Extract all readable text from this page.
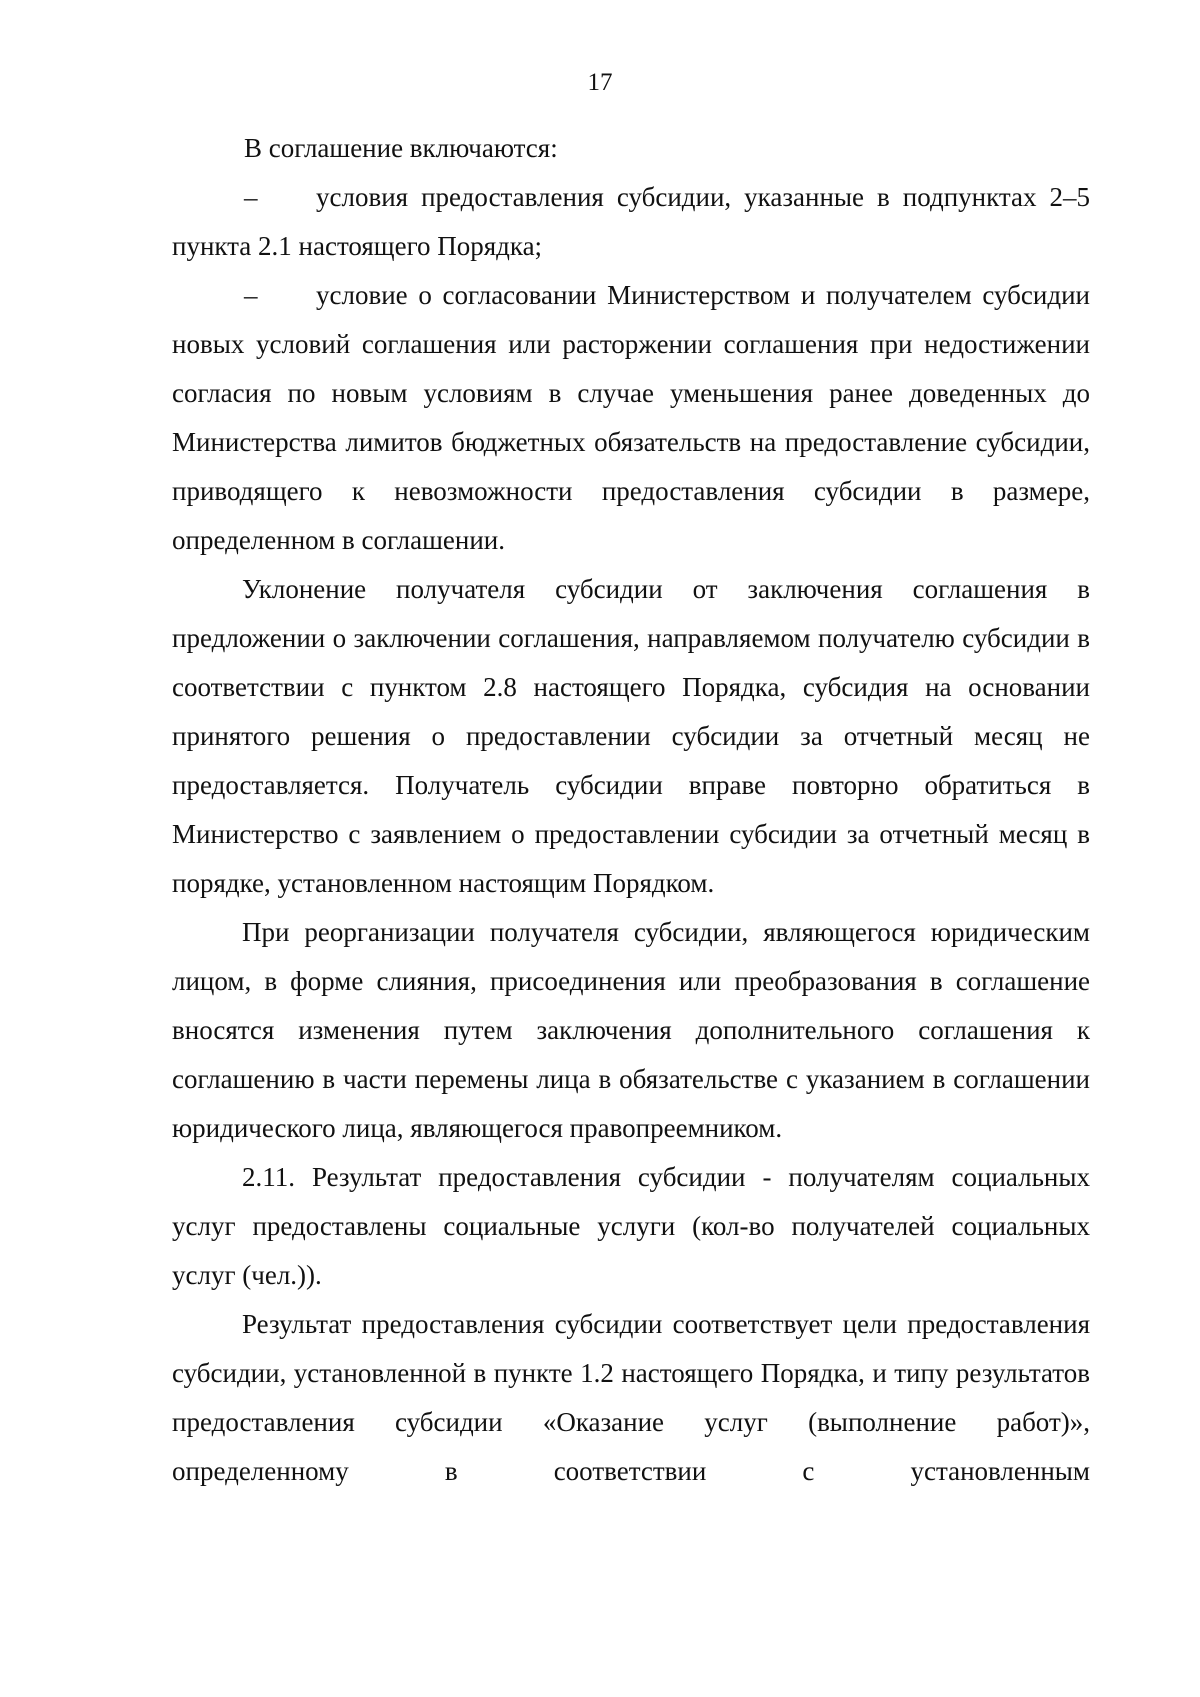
17

В соглашение включаются:

– условия предоставления субсидии, указанные в подпунктах 2–5 пункта 2.1 настоящего Порядка;

– условие о согласовании Министерством и получателем субсидии новых условий соглашения или расторжении соглашения при недостижении согласия по новым условиям в случае уменьшения ранее доведенных до Министерства лимитов бюджетных обязательств на предоставление субсидии, приводящего к невозможности предоставления субсидии в размере, определенном в соглашении.

Уклонение получателя субсидии от заключения соглашения в предложении о заключении соглашения, направляемом получателю субсидии в соответствии с пунктом 2.8 настоящего Порядка, субсидия на основании принятого решения о предоставлении субсидии за отчетный месяц не предоставляется. Получатель субсидии вправе повторно обратиться в Министерство с заявлением о предоставлении субсидии за отчетный месяц в порядке, установленном настоящим Порядком.

При реорганизации получателя субсидии, являющегося юридическим лицом, в форме слияния, присоединения или преобразования в соглашение вносятся изменения путем заключения дополнительного соглашения к соглашению в части перемены лица в обязательстве с указанием в соглашении юридического лица, являющегося правопреемником.

2.11. Результат предоставления субсидии - получателям социальных услуг предоставлены социальные услуги (кол-во получателей социальных услуг (чел.)).

Результат предоставления субсидии соответствует цели предоставления субсидии, установленной в пункте 1.2 настоящего Порядка, и типу результатов предоставления субсидии «Оказание услуг (выполнение работ)», определенному в соответствии с установленным
